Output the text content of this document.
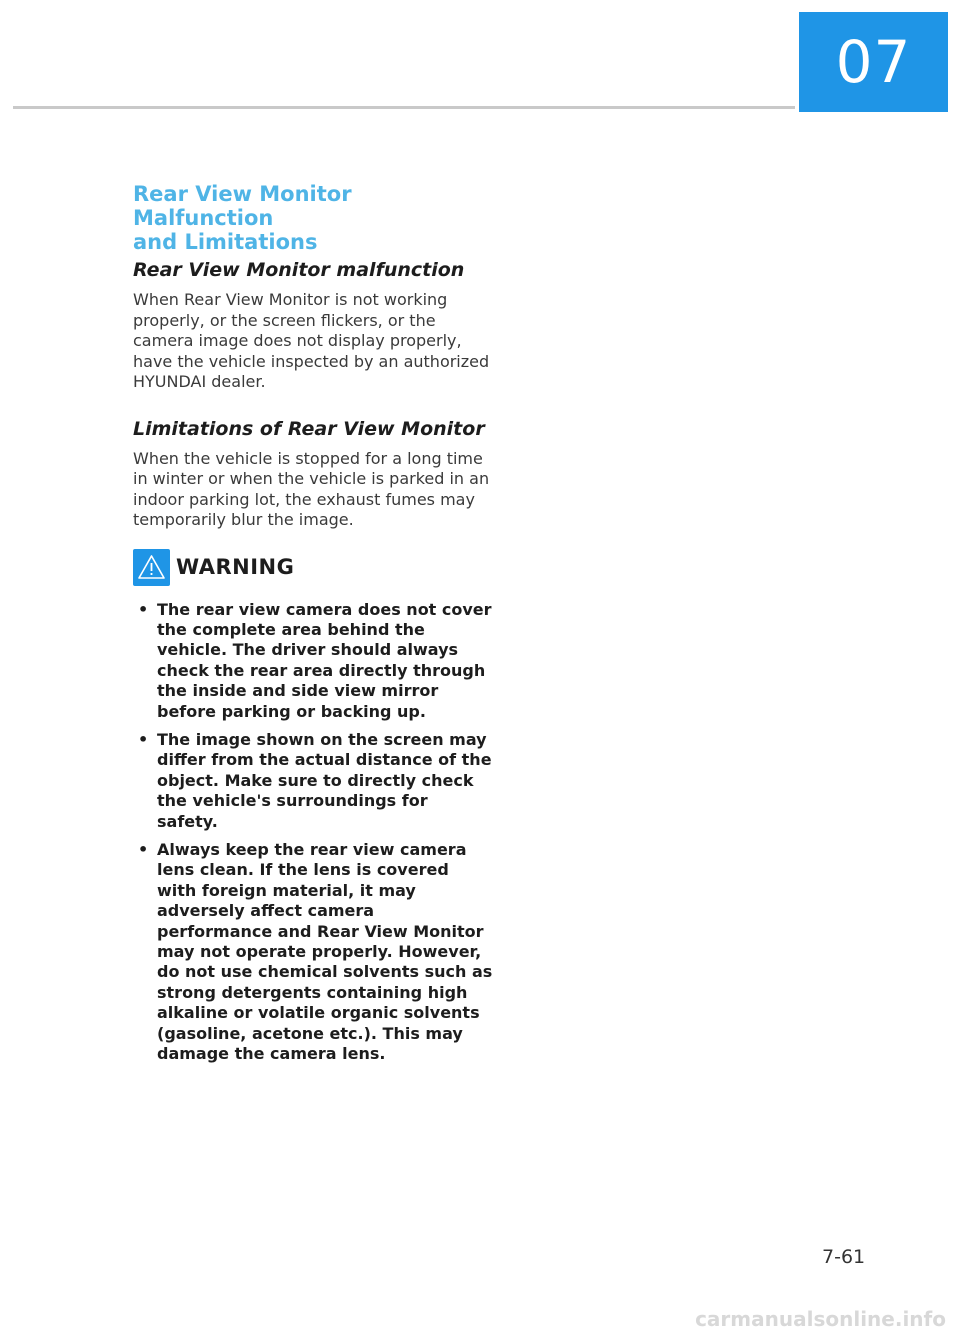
07
Rear View Monitor Malfunction
and Limitations
Rear View Monitor malfunction

When Rear View Monitor is not working properly, or the screen flickers, or the camera image does not display properly, have the vehicle inspected by an authorized HYUNDAI dealer.

Limitations of Rear View Monitor

When the vehicle is stopped for a long time in winter or when the vehicle is parked in an indoor parking lot, the exhaust fumes may temporarily blur the image.

WARNING
• The rear view camera does not cover the complete area behind the vehicle. The driver should always check the rear area directly through the inside and side view mirror before parking or backing up.
• The image shown on the screen may differ from the actual distance of the object. Make sure to directly check the vehicle's surroundings for safety.
• Always keep the rear view camera lens clean. If the lens is covered with foreign material, it may adversely affect camera performance and Rear View Monitor may not operate properly. However, do not use chemical solvents such as strong detergents containing high alkaline or volatile organic solvents (gasoline, acetone etc.). This may damage the camera lens.
7-61
carmanualsonline.info
